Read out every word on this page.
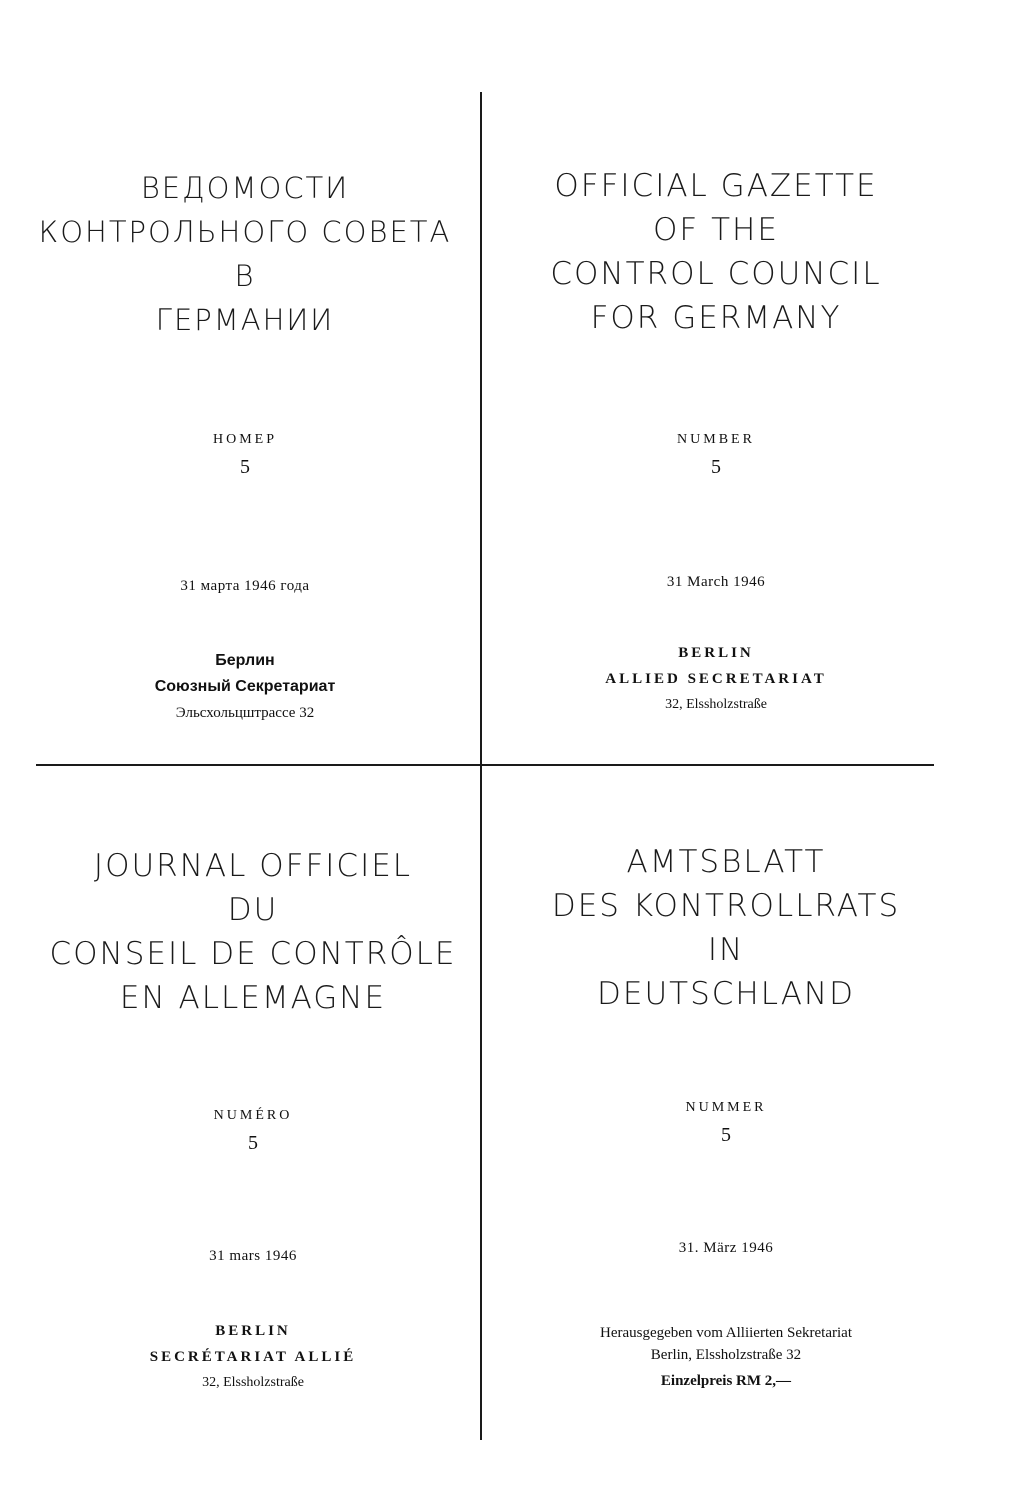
ВЕДОМОСТИ
КОНТРОЛЬНОГО СОВЕТА
В
ГЕРМАНИИ
НОМЕР
5
31 марта 1946 года
Берлин
Союзный Секретариат
Эльсхольцштрассе 32
OFFICIAL GAZETTE
OF THE
CONTROL COUNCIL
FOR GERMANY
NUMBER
5
31 March 1946
BERLIN
ALLIED SECRETARIAT
32, Elssholzstraße
JOURNAL OFFICIEL
DU
CONSEIL DE CONTRÔLE
EN ALLEMAGNE
NUMÉRO
5
31 mars 1946
BERLIN
SECRÉTARIAT ALLIÉ
32, Elssholzstraße
AMTSBLATT
DES KONTROLLRATS
IN
DEUTSCHLAND
NUMMER
5
31. März 1946
Herausgegeben vom Alliierten Sekretariat
Berlin, Elssholzstraße 32
Einzelpreis RM 2,—
